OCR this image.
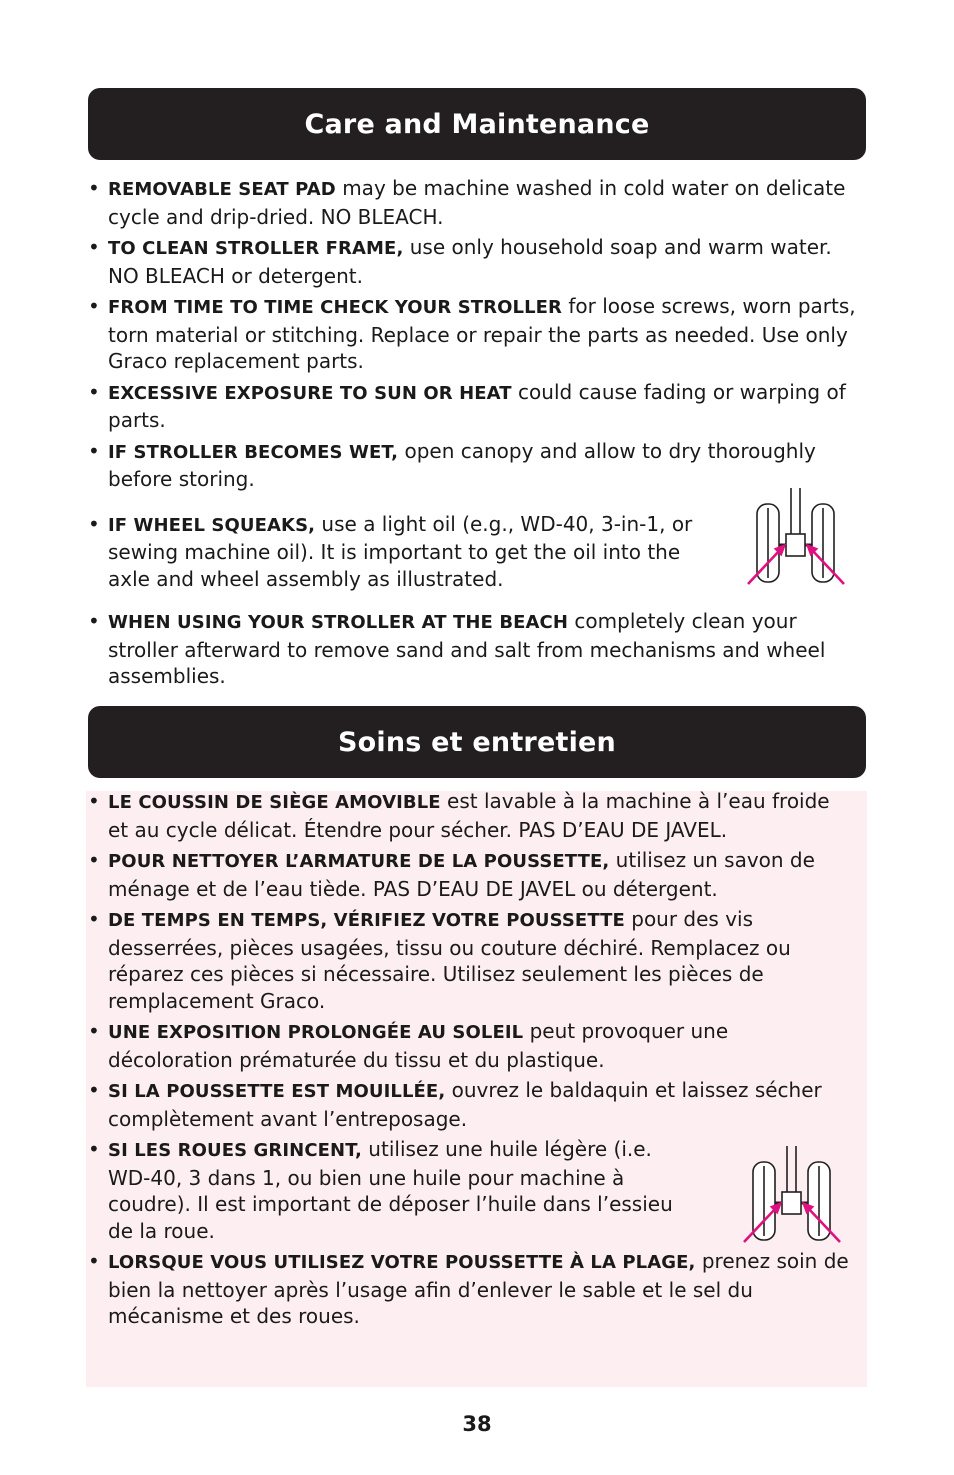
Care and Maintenance
• REMOVABLE SEAT PAD may be machine washed in cold water on delicate cycle and drip-dried. NO BLEACH.
• TO CLEAN STROLLER FRAME, use only household soap and warm water. NO BLEACH or detergent.
• FROM TIME TO TIME CHECK YOUR STROLLER for loose screws, worn parts, torn material or stitching. Replace or repair the parts as needed. Use only Graco replacement parts.
• EXCESSIVE EXPOSURE TO SUN OR HEAT could cause fading or warping of parts.
• IF STROLLER BECOMES WET, open canopy and allow to dry thoroughly before storing.
• IF WHEEL SQUEAKS, use a light oil (e.g., WD-40, 3-in-1, or sewing machine oil). It is important to get the oil into the axle and wheel assembly as illustrated.
• WHEN USING YOUR STROLLER AT THE BEACH completely clean your stroller afterward to remove sand and salt from mechanisms and wheel assemblies.
Soins et entretien
• LE COUSSIN DE SIÈGE AMOVIBLE est lavable à la machine à l’eau froide et au cycle délicat. Étendre pour sécher. PAS D’EAU DE JAVEL.
• POUR NETTOYER L’ARMATURE DE LA POUSSETTE, utilisez un savon de ménage et de l’eau tiède. PAS D’EAU DE JAVEL ou détergent.
• DE TEMPS EN TEMPS, VÉRIFIEZ VOTRE POUSSETTE pour des vis desserrées, pièces usagées, tissu ou couture déchiré. Remplacez ou réparez ces pièces si nécessaire. Utilisez seulement les pièces de remplacement Graco.
• UNE EXPOSITION PROLONGÉE AU SOLEIL peut provoquer une décoloration prématurée du tissu et du plastique.
• SI LA POUSSETTE EST MOUILLÉE, ouvrez le baldaquin et laissez sécher complètement avant l’entreposage.
• SI LES ROUES GRINCENT, utilisez une huile légère (i.e. WD-40, 3 dans 1, ou bien une huile pour machine à coudre). Il est important de déposer l’huile dans l’essieu de la roue.
• LORSQUE VOUS UTILISEZ VOTRE POUSSETTE À LA PLAGE, prenez soin de bien la nettoyer après l’usage afin d’enlever le sable et le sel du mécanisme et des roues.
38
